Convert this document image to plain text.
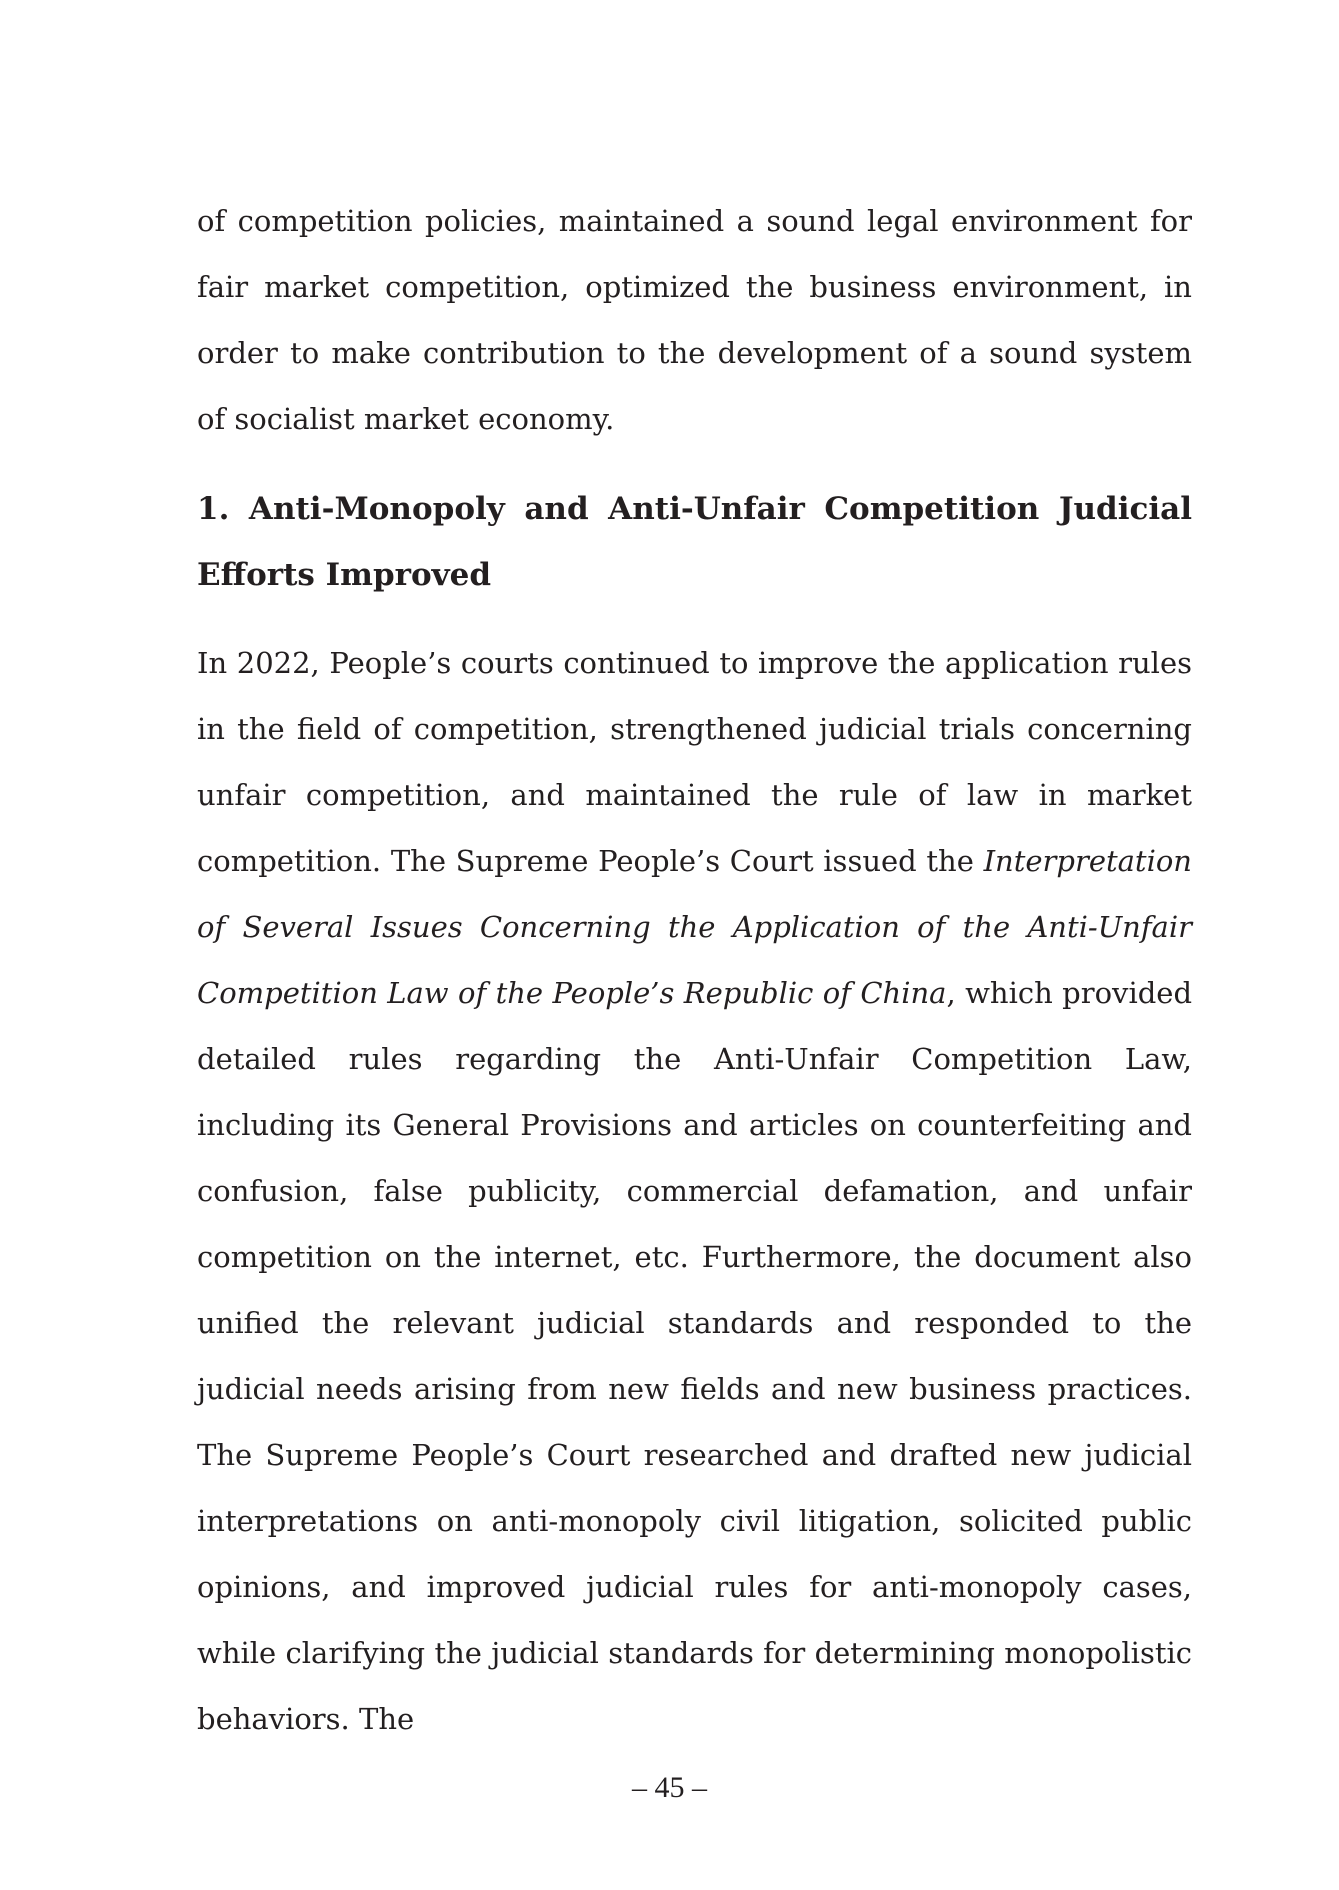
of competition policies, maintained a sound legal environment for fair market competition, optimized the business environment, in order to make contribution to the development of a sound system of socialist market economy.

1. Anti-Monopoly and Anti-Unfair Competition Judicial Efforts Improved

In 2022, People’s courts continued to improve the application rules in the field of competition, strengthened judicial trials concerning unfair competition, and maintained the rule of law in market competition. The Supreme People’s Court issued the Interpretation of Several Issues Concerning the Application of the Anti-Unfair Competition Law of the People’s Republic of China, which provided detailed rules regarding the Anti-Unfair Competition Law, including its General Provisions and articles on counterfeiting and confusion, false publicity, commercial defamation, and unfair competition on the internet, etc. Furthermore, the document also unified the relevant judicial standards and responded to the judicial needs arising from new fields and new business practices. The Supreme People’s Court researched and drafted new judicial interpretations on anti-monopoly civil litigation, solicited public opinions, and improved judicial rules for anti-monopoly cases, while clarifying the judicial standards for determining monopolistic behaviors. The

– 45 –
